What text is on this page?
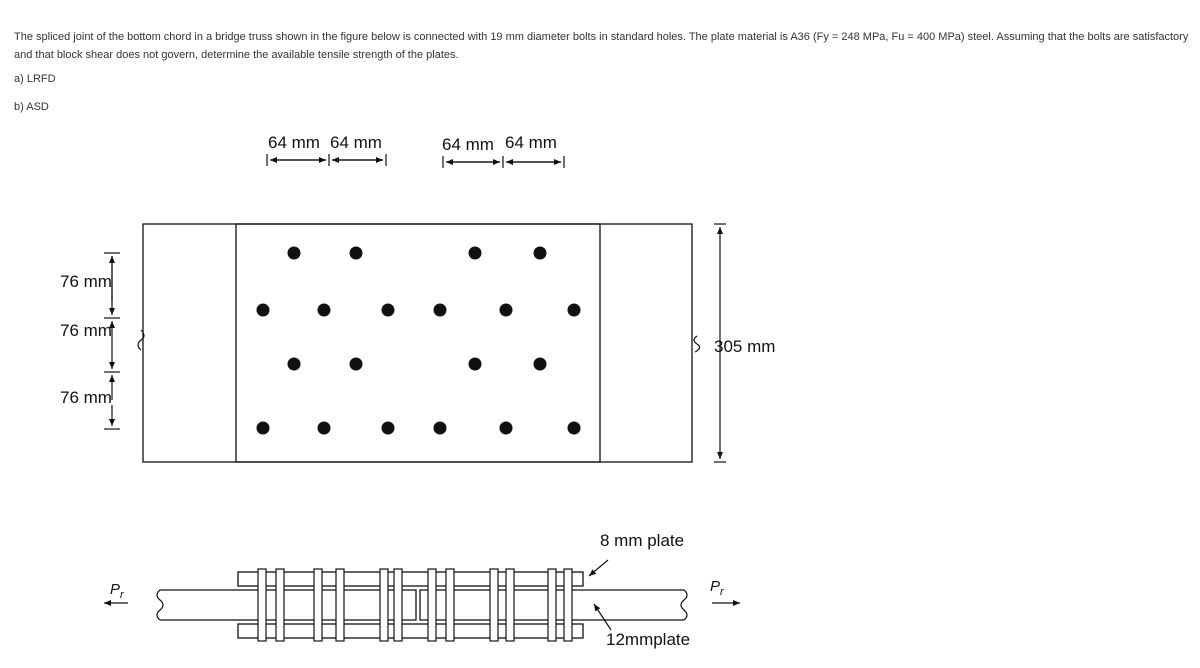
The spliced joint of the bottom chord in a bridge truss shown in the figure below is connected with 19 mm diameter bolts in standard holes. The plate material is A36 (Fy = 248 MPa, Fu = 400 MPa) steel. Assuming that the bolts are satisfactory and that block shear does not govern, determine the available tensile strength of the plates.

a) LRFD
b) ASD
64 mm 64 mm	64 mm 64 mm
76 mm
76 mm
76 mm
305 mm
8 mm plate
12mmplate
$P_r$	$P_r$
